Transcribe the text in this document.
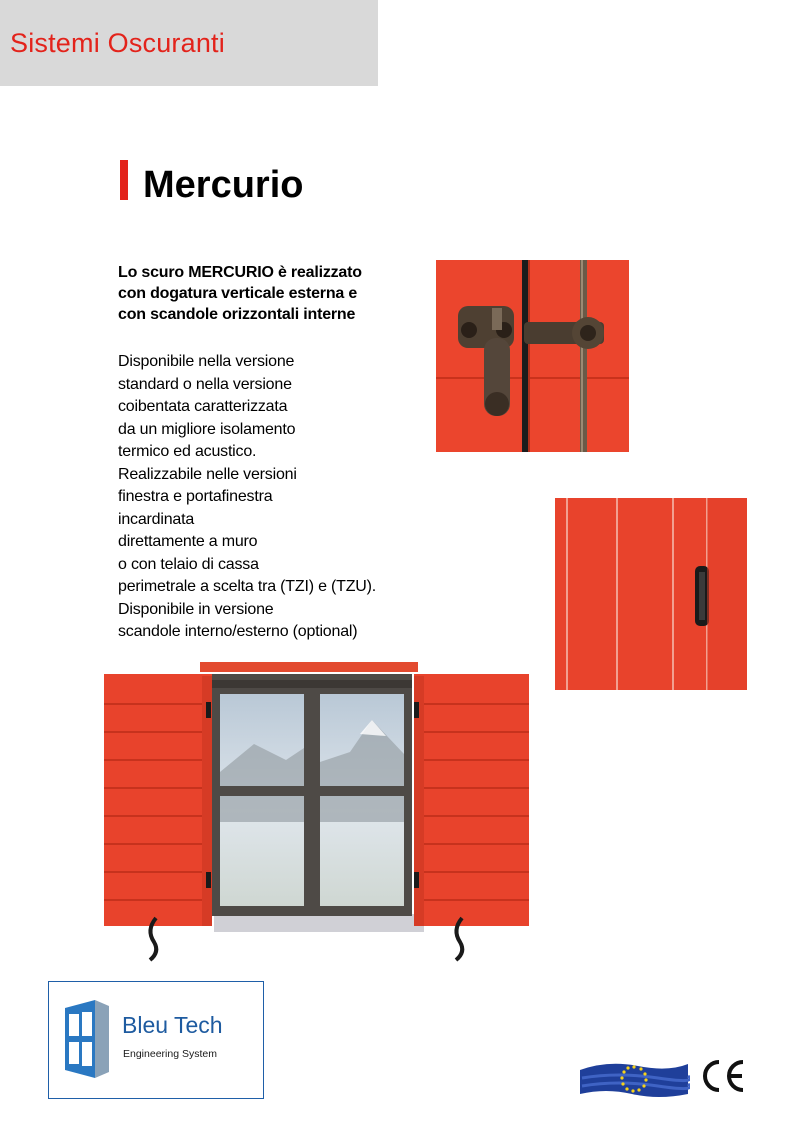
Sistemi Oscuranti
Mercurio
Lo scuro MERCURIO è realizzato
con dogatura verticale esterna e
con scandole orizzontali interne
Disponibile nella versione
standard o nella versione
coibentata caratterizzata
da un migliore isolamento
termico ed acustico.
Realizzabile nelle versioni
finestra e portafinestra
incardinata
direttamente a muro
o con telaio di cassa
perimetrale a scelta tra (TZI) e (TZU).
Disponibile in versione
scandole interno/esterno (optional)
Bleu Tech
Engineering System
